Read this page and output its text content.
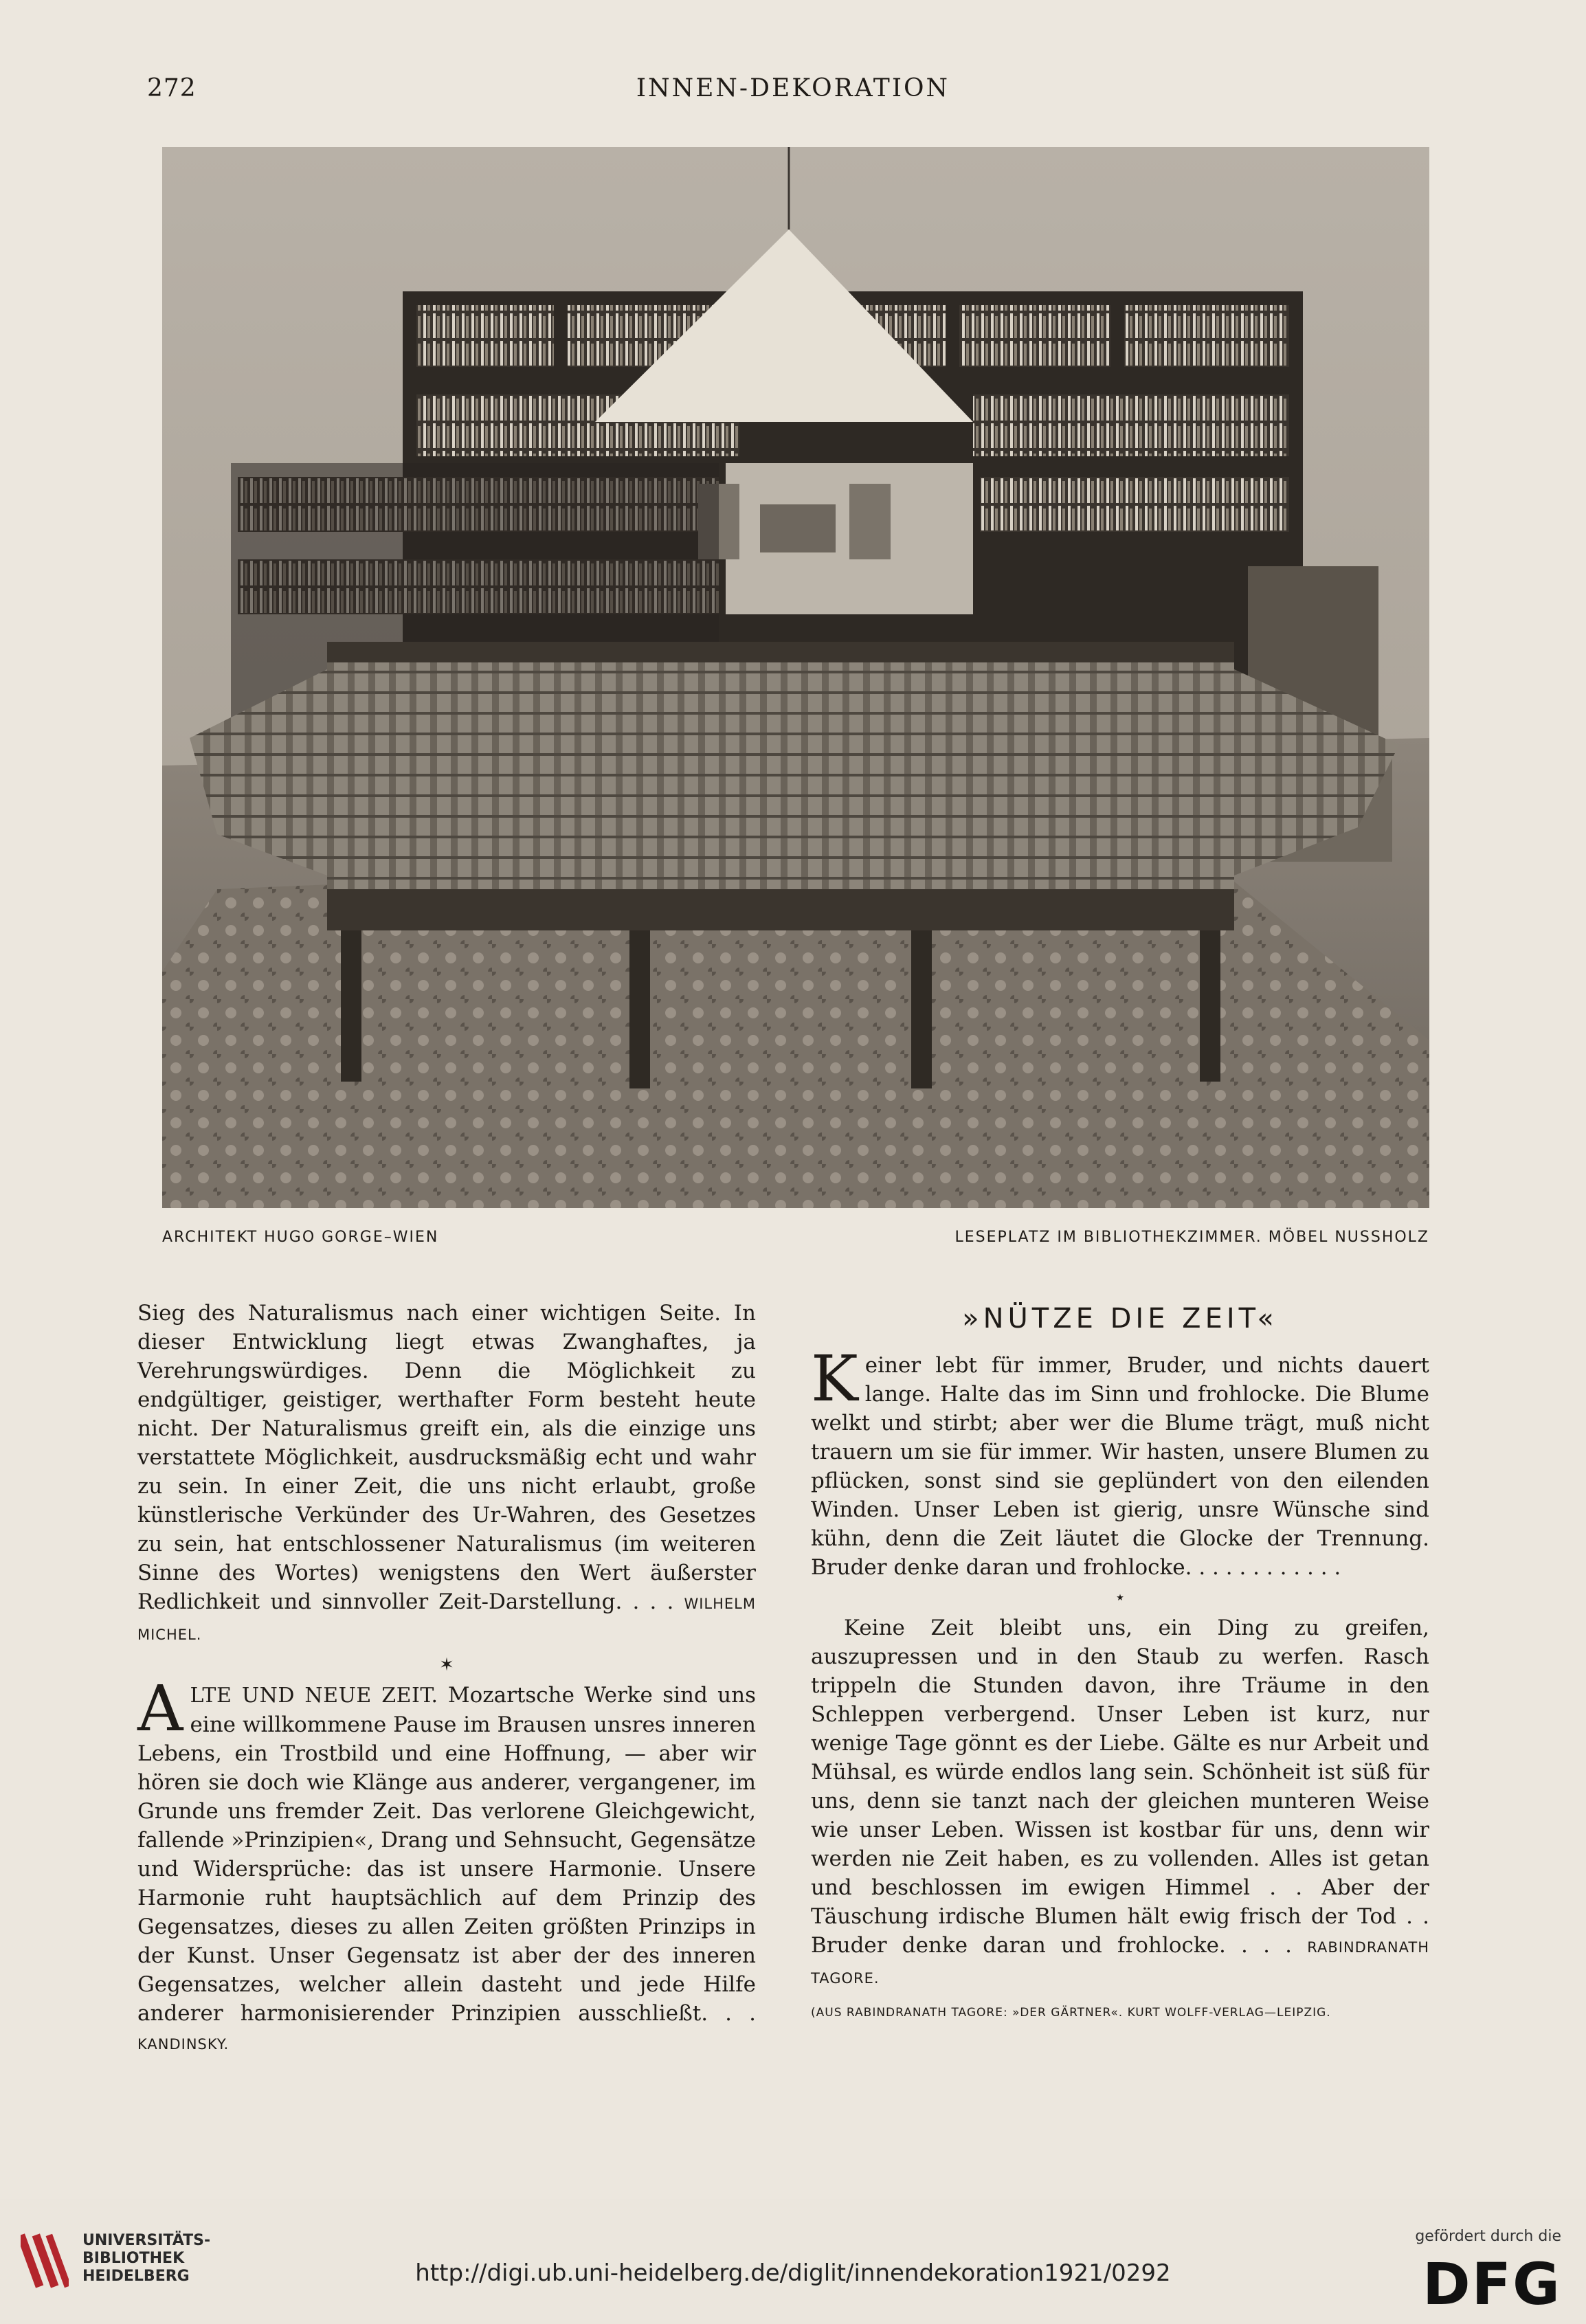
272	INNEN-DEKORATION
ARCHITEKT HUGO GORGE–WIEN	LESEPLATZ IM BIBLIOTHEKZIMMER. MÖBEL NUSSHOLZ

Sieg des Naturalismus nach einer wichtigen Seite. In dieser Entwicklung liegt etwas Zwanghaftes, ja Verehrungswürdiges. Denn die Möglichkeit zu endgültiger, geistiger, werthafter Form besteht heute nicht. Der Naturalismus greift ein, als die einzige uns verstattete Möglichkeit, ausdrucksmäßig echt und wahr zu sein. In einer Zeit, die uns nicht erlaubt, große künstlerische Verkünder des Ur-Wahren, des Gesetzes zu sein, hat entschlossener Naturalismus (im weiteren Sinne des Wortes) wenigstens den Wert äußerster Redlichkeit und sinnvoller Zeit-Darstellung. . . . WILHELM MICHEL.

✶

ALTE UND NEUE ZEIT. Mozartsche Werke sind uns eine willkommene Pause im Brausen unsres inneren Lebens, ein Trostbild und eine Hoffnung, — aber wir hören sie doch wie Klänge aus anderer, vergangener, im Grunde uns fremder Zeit. Das verlorene Gleichgewicht, fallende »Prinzipien«, Drang und Sehnsucht, Gegensätze und Widersprüche: das ist unsere Harmonie. Unsere Harmonie ruht hauptsächlich auf dem Prinzip des Gegensatzes, dieses zu allen Zeiten größten Prinzips in der Kunst. Unser Gegensatz ist aber der des inneren Gegensatzes, welcher allein dasteht und jede Hilfe anderer harmonisierender Prinzipien ausschließt. . . KANDINSKY.

»NÜTZE DIE ZEIT«

Keiner lebt für immer, Bruder, und nichts dauert lange. Halte das im Sinn und frohlocke. Die Blume welkt und stirbt; aber wer die Blume trägt, muß nicht trauern um sie für immer. Wir hasten, unsere Blumen zu pflücken, sonst sind sie geplündert von den eilenden Winden. Unser Leben ist gierig, unsre Wünsche sind kühn, denn die Zeit läutet die Glocke der Trennung. Bruder denke daran und frohlocke. . . . . . . . . . . .

⋆

Keine Zeit bleibt uns, ein Ding zu greifen, auszupressen und in den Staub zu werfen. Rasch trippeln die Stunden davon, ihre Träume in den Schleppen verbergend. Unser Leben ist kurz, nur wenige Tage gönnt es der Liebe. Gälte es nur Arbeit und Mühsal, es würde endlos lang sein. Schönheit ist süß für uns, denn sie tanzt nach der gleichen munteren Weise wie unser Leben. Wissen ist kostbar für uns, denn wir werden nie Zeit haben, es zu vollenden. Alles ist getan und beschlossen im ewigen Himmel . . Aber der Täuschung irdische Blumen hält ewig frisch der Tod . . Bruder denke daran und frohlocke. . . . RABINDRANATH TAGORE.

(AUS RABINDRANATH TAGORE: »DER GÄRTNER«. KURT WOLFF-VERLAG—LEIPZIG.
UNIVERSITÄTS-
BIBLIOTHEK
HEIDELBERG	http://digi.ub.uni-heidelberg.de/diglit/innendekoration1921/0292
gefördert durch die
DFG
